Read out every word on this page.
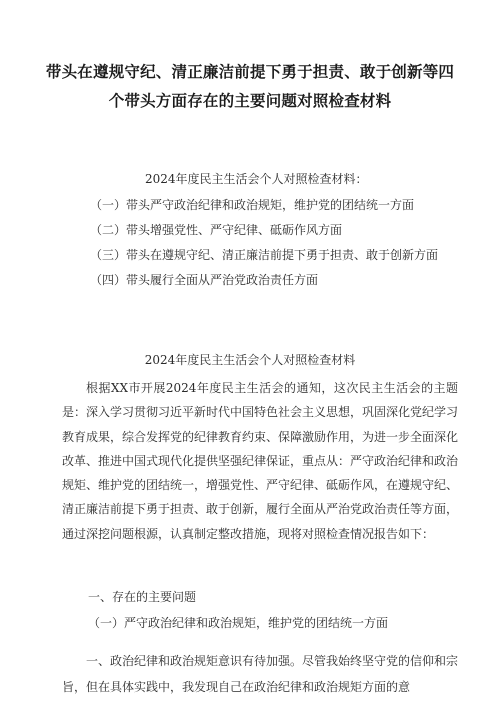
带头在遵规守纪、清正廉洁前提下勇于担责、敢于创新等四
个带头方面存在的主要问题对照检查材料
2024年度民主生活会个人对照检查材料：
（一）带头严守政治纪律和政治规矩，维护党的团结统一方面
（二）带头增强党性、严守纪律、砥砺作风方面
（三）带头在遵规守纪、清正廉洁前提下勇于担责、敢于创新方面
（四）带头履行全面从严治党政治责任方面
2024年度民主生活会个人对照检查材料

根据XX市开展2024年度民主生活会的通知，这次民主生活会的主题是：深入学习贯彻习近平新时代中国特色社会主义思想，巩固深化党纪学习教育成果，综合发挥党的纪律教育约束、保障激励作用，为进一步全面深化改革、推进中国式现代化提供坚强纪律保证，重点从：严守政治纪律和政治规矩、维护党的团结统一，增强党性、严守纪律、砥砺作风，在遵规守纪、清正廉洁前提下勇于担责、敢于创新，履行全面从严治党政治责任等方面，通过深挖问题根源，认真制定整改措施，现将对照检查情况报告如下：

一、存在的主要问题
（一）严守政治纪律和政治规矩，维护党的团结统一方面

一、政治纪律和政治规矩意识有待加强。尽管我始终坚守党的信仰和宗旨，但在具体实践中，我发现自己在政治纪律和政治规矩方面的意
